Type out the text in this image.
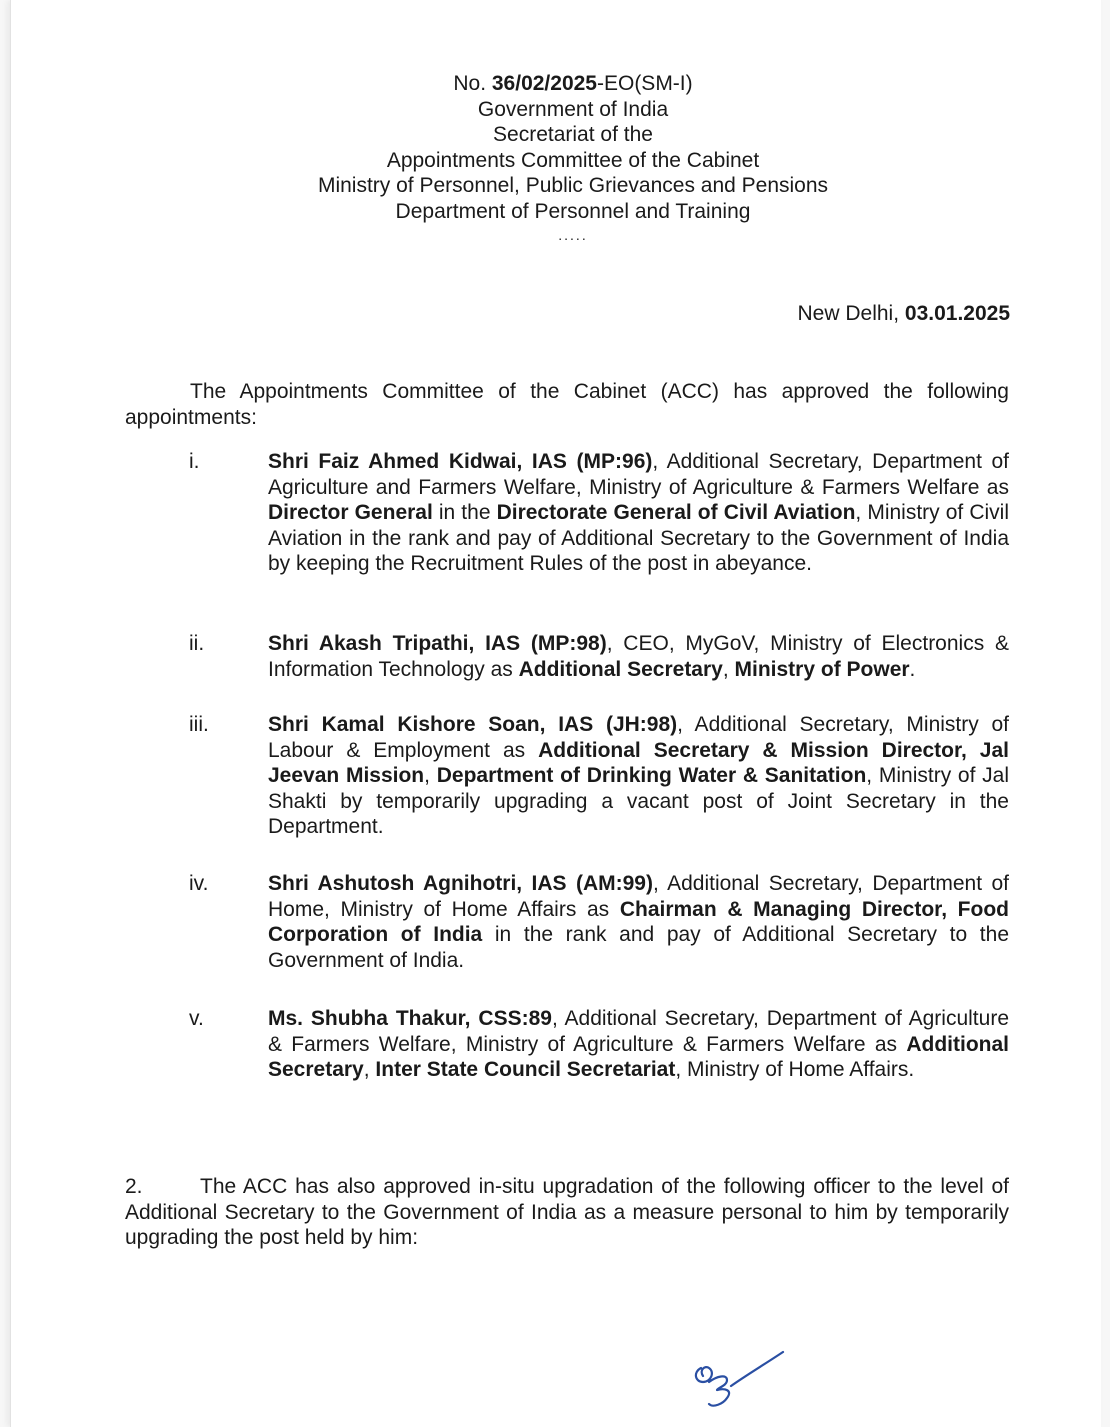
No. 36/02/2025-EO(SM-I)
Government of India
Secretariat of the
Appointments Committee of the Cabinet
Ministry of Personnel, Public Grievances and Pensions
Department of Personnel and Training
.....
New Delhi, 03.01.2025
The Appointments Committee of the Cabinet (ACC) has approved the following appointments:
i.	Shri Faiz Ahmed Kidwai, IAS (MP:96), Additional Secretary, Department of Agriculture and Farmers Welfare, Ministry of Agriculture & Farmers Welfare as Director General in the Directorate General of Civil Aviation, Ministry of Civil Aviation in the rank and pay of Additional Secretary to the Government of India by keeping the Recruitment Rules of the post in abeyance.
ii.	Shri Akash Tripathi, IAS (MP:98), CEO, MyGoV, Ministry of Electronics & Information Technology as Additional Secretary, Ministry of Power.
iii.	Shri Kamal Kishore Soan, IAS (JH:98), Additional Secretary, Ministry of Labour & Employment as Additional Secretary & Mission Director, Jal Jeevan Mission, Department of Drinking Water & Sanitation, Ministry of Jal Shakti by temporarily upgrading a vacant post of Joint Secretary in the Department.
iv.	Shri Ashutosh Agnihotri, IAS (AM:99), Additional Secretary, Department of Home, Ministry of Home Affairs as Chairman & Managing Director, Food Corporation of India in the rank and pay of Additional Secretary to the Government of India.
v.	Ms. Shubha Thakur, CSS:89, Additional Secretary, Department of Agriculture & Farmers Welfare, Ministry of Agriculture & Farmers Welfare as Additional Secretary, Inter State Council Secretariat, Ministry of Home Affairs.
2.	The ACC has also approved in-situ upgradation of the following officer to the level of Additional Secretary to the Government of India as a measure personal to him by temporarily upgrading the post held by him:
